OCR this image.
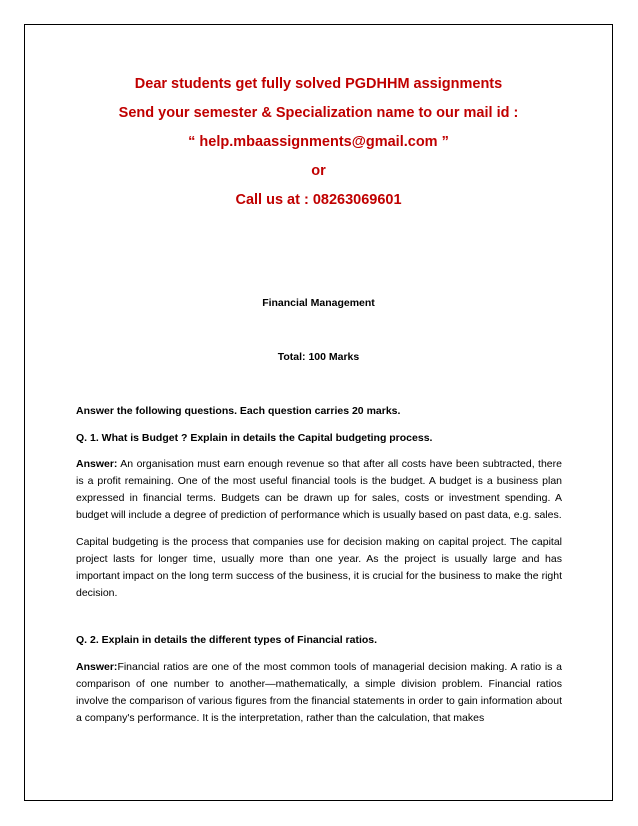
Dear students get fully solved PGDHHM assignments
Send your semester & Specialization name to our mail id :
“ help.mbaassignments@gmail.com ”
or
Call us at : 08263069601
Financial Management
Total: 100 Marks
Answer the following questions. Each question carries 20 marks.
Q. 1. What is Budget ? Explain in details the Capital budgeting process.
Answer: An organisation must earn enough revenue so that after all costs have been subtracted, there is a profit remaining. One of the most useful financial tools is the budget. A budget is a business plan expressed in financial terms. Budgets can be drawn up for sales, costs or investment spending. A budget will include a degree of prediction of performance which is usually based on past data, e.g. sales.
Capital budgeting is the process that companies use for decision making on capital project. The capital project lasts for longer time, usually more than one year. As the project is usually large and has important impact on the long term success of the business, it is crucial for the business to make the right decision.
Q. 2. Explain in details the different types of Financial ratios.
Answer:Financial ratios are one of the most common tools of managerial decision making. A ratio is a comparison of one number to another—mathematically, a simple division problem. Financial ratios involve the comparison of various figures from the financial statements in order to gain information about a company's performance. It is the interpretation, rather than the calculation, that makes
